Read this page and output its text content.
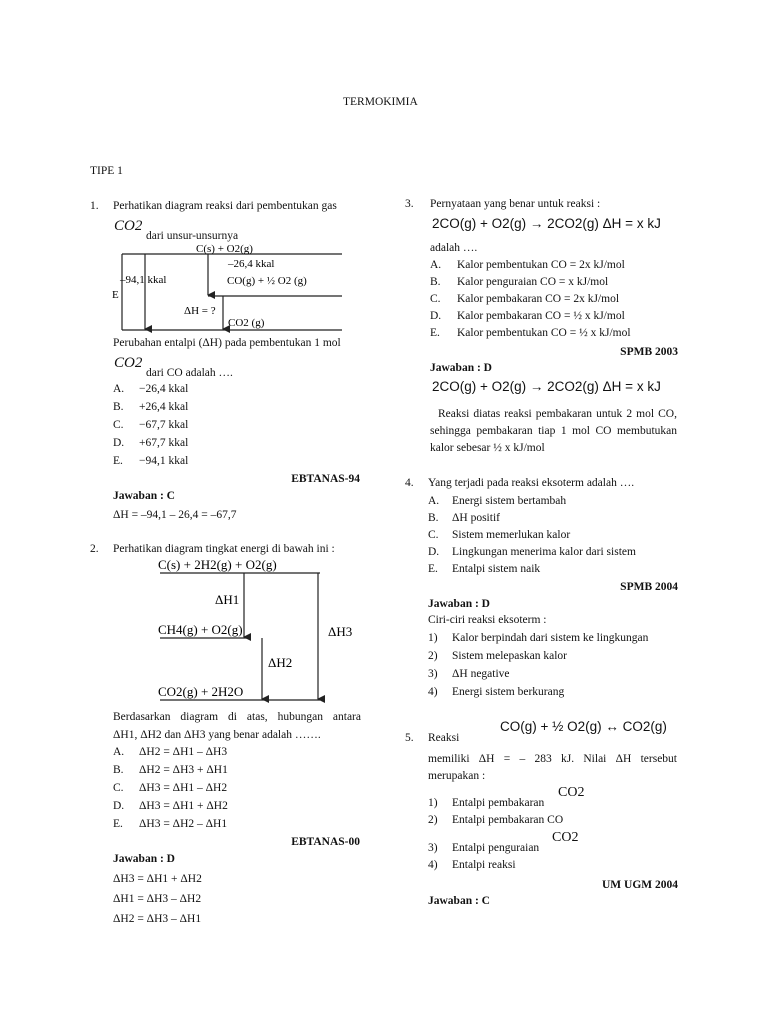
TERMOKIMIA
TIPE 1
1. Perhatikan diagram reaksi dari pembentukan gas
CO2
dari unsur-unsurnya
C(s) + O2(g)
–26,4 kkal
–94,1 kkal	CO(g) + ½ O2 (g)
E
ΔH = ?
CO2 (g)
Perubahan entalpi (ΔH) pada pembentukan 1 mol
CO2
dari CO adalah ….
A. −26,4 kkal
B. +26,4 kkal
C. −67,7 kkal
D. +67,7 kkal
E. −94,1 kkal
EBTANAS-94
Jawaban : C
ΔH = –94,1 – 26,4 = –67,7
2. Perhatikan diagram tingkat energi di bawah ini :
C(s) + 2H2(g) + O2(g)
ΔH1
CH4(g) + O2(g)	ΔH3
ΔH2
CO2(g) + 2H2O
Berdasarkan diagram di atas, hubungan antara
ΔH1, ΔH2 dan ΔH3 yang benar adalah …….
A. ΔH2 = ΔH1 – ΔH3
B. ΔH2 = ΔH3 + ΔH1
C. ΔH3 = ΔH1 – ΔH2
D. ΔH3 = ΔH1 + ΔH2
E. ΔH3 = ΔH2 – ΔH1
EBTANAS-00
Jawaban : D
ΔH3 = ΔH1 + ΔH2
ΔH1 = ΔH3 – ΔH2
ΔH2 = ΔH3 – ΔH1
3. Pernyataan yang benar untuk reaksi :
2CO(g) + O2(g) → 2CO2(g) ΔH = x kJ
adalah ….
A. Kalor pembentukan CO = 2x kJ/mol
B. Kalor penguraian CO = x kJ/mol
C. Kalor pembakaran CO = 2x kJ/mol
D. Kalor pembakaran CO = ½ x kJ/mol
E. Kalor pembentukan CO = ½ x kJ/mol
SPMB 2003
Jawaban : D
2CO(g) + O2(g) → 2CO2(g) ΔH = x kJ
Reaksi diatas reaksi pembakaran untuk 2 mol CO, sehingga pembakaran tiap 1 mol CO membutukan kalor sebesar ½ x kJ/mol
4. Yang terjadi pada reaksi eksoterm adalah ….
A. Energi sistem bertambah
B. ΔH positif
C. Sistem memerlukan kalor
D. Lingkungan menerima kalor dari sistem
E. Entalpi sistem naik
SPMB 2004
Jawaban : D
Ciri-ciri reaksi eksoterm :
1) Kalor berpindah dari sistem ke lingkungan
2) Sistem melepaskan kalor
3) ΔH negative
4) Energi sistem berkurang
5. Reaksi
CO(g) + ½ O2(g) ↔ CO2(g)
memiliki ΔH = – 283 kJ. Nilai ΔH tersebut merupakan :
1) Entalpi pembakaran
CO2
2) Entalpi pembakaran CO
3) Entalpi penguraian
CO2
4) Entalpi reaksi
UM UGM 2004
Jawaban : C
